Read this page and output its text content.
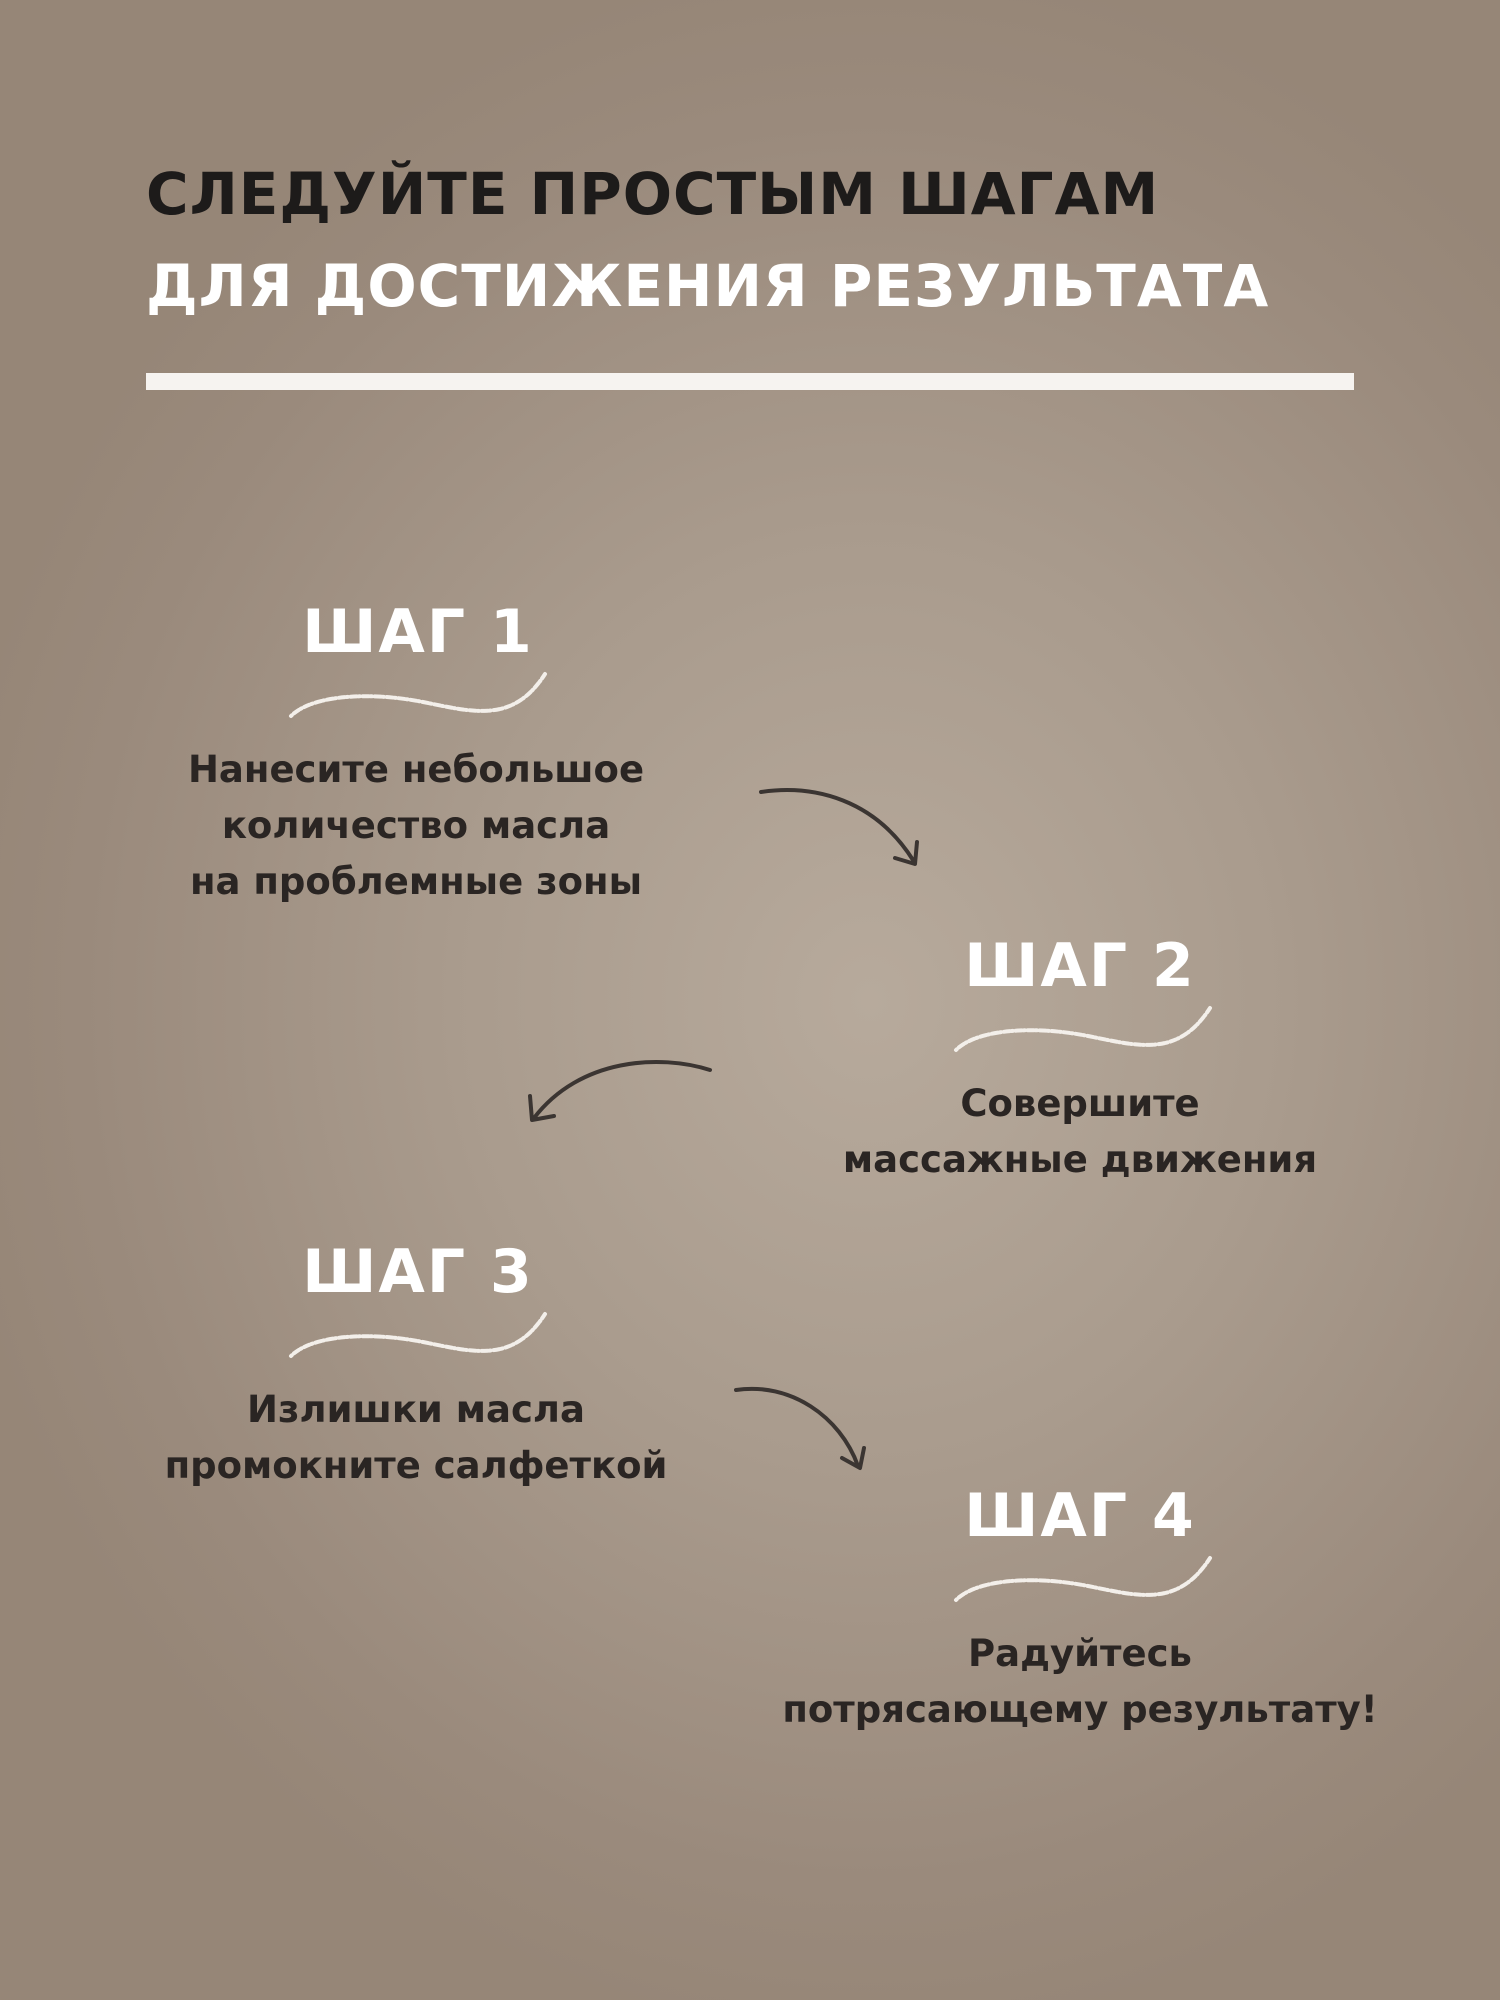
СЛЕДУЙТЕ ПРОСТЫМ ШАГАМ
ДЛЯ ДОСТИЖЕНИЯ РЕЗУЛЬТАТА
ШАГ 1

Нанесите небольшое
количество масла
на проблемные зоны

ШАГ 2

Совершите
массажные движения

ШАГ 3

Излишки масла
промокните салфеткой

ШАГ 4

Радуйтесь
потрясающему результату!
